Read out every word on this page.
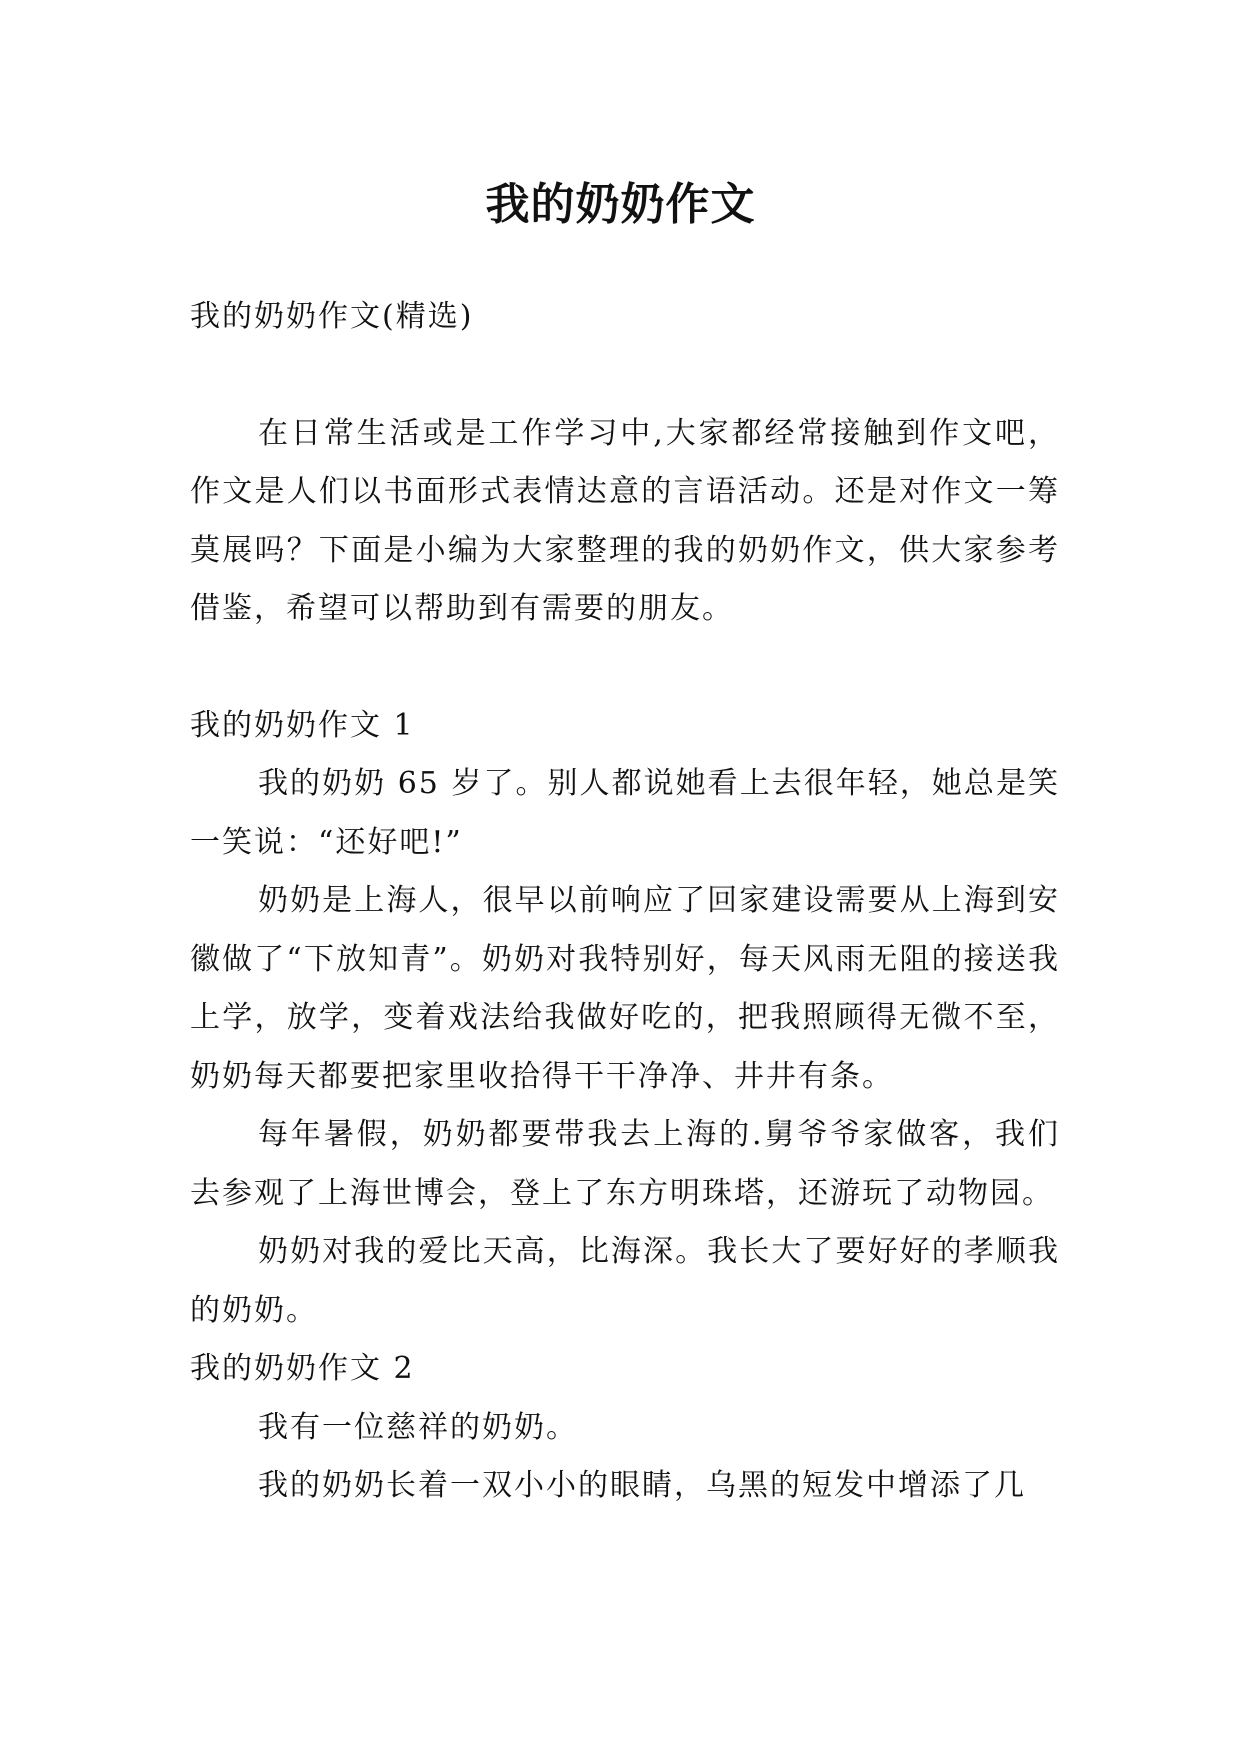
我的奶奶作文

我的奶奶作文(精选)

在日常生活或是工作学习中,大家都经常接触到作文吧，作文是人们以书面形式表情达意的言语活动。还是对作文一筹莫展吗？下面是小编为大家整理的我的奶奶作文，供大家参考借鉴，希望可以帮助到有需要的朋友。

我的奶奶作文 1

我的奶奶 65 岁了。别人都说她看上去很年轻，她总是笑一笑说：“还好吧!”

奶奶是上海人，很早以前响应了回家建设需要从上海到安徽做了“下放知青”。奶奶对我特别好，每天风雨无阻的接送我上学，放学，变着戏法给我做好吃的，把我照顾得无微不至，奶奶每天都要把家里收拾得干干净净、井井有条。

每年暑假，奶奶都要带我去上海的.舅爷爷家做客，我们去参观了上海世博会，登上了东方明珠塔，还游玩了动物园。

奶奶对我的爱比天高，比海深。我长大了要好好的孝顺我的奶奶。

我的奶奶作文 2

我有一位慈祥的奶奶。

我的奶奶长着一双小小的眼睛，乌黑的短发中增添了几
